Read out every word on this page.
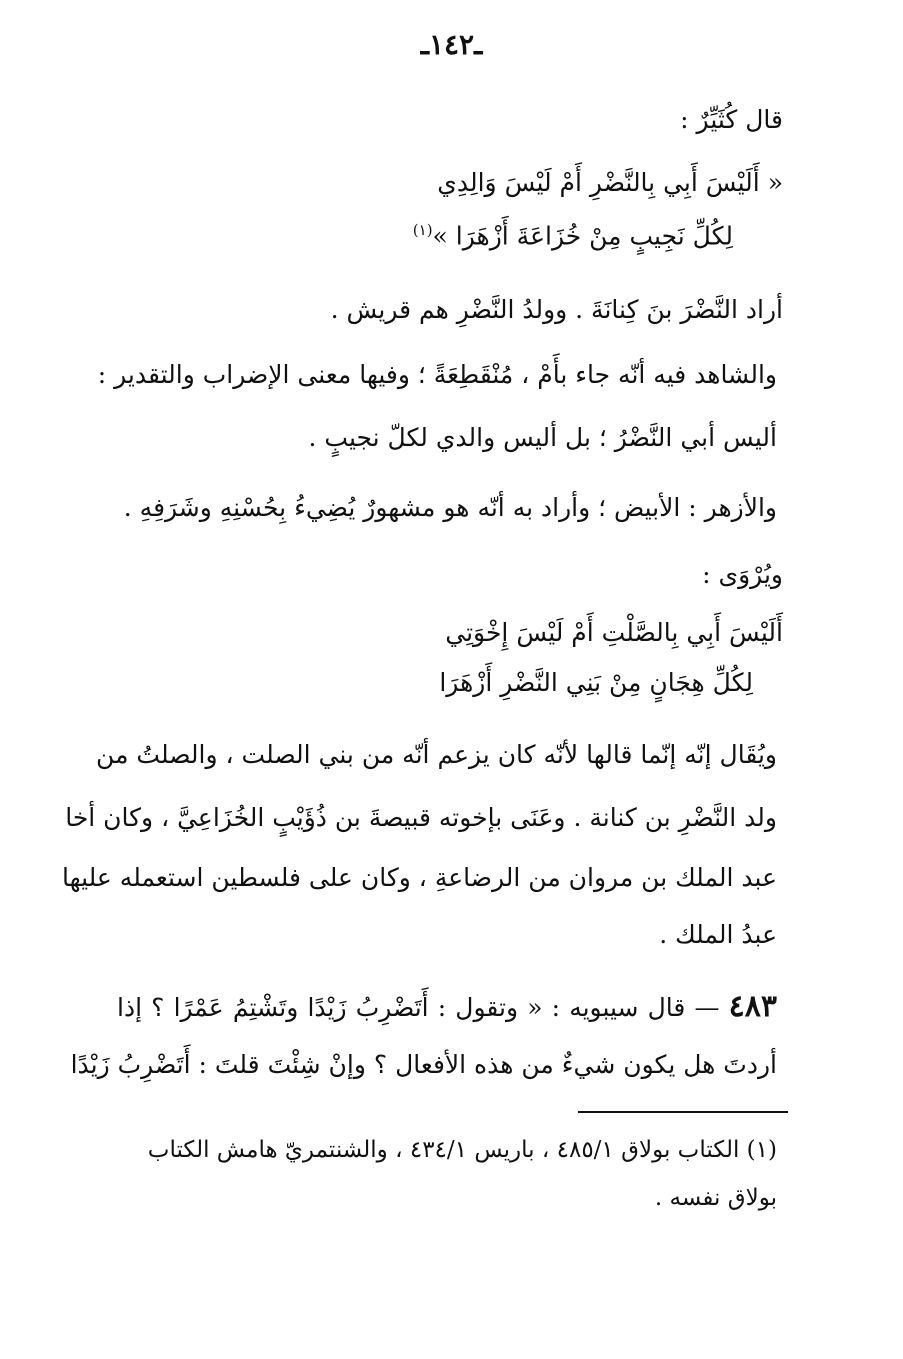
ـ١٤٢ـ
قال كُثَيِّرٌ :
« أَلَيْسَ أَبِي بِالنَّضْرِ أَمْ لَيْسَ وَالِدِي
لِكُلِّ نَجِيبٍ مِنْ خُزَاعَةَ أَزْهَرَا »$^{(١)}$
أراد النَّضْرَ بنَ كِنانَةَ . وولدُ النَّضْرِ هم قريش .
والشاهد فيه أنّه جاء بأَمْ ، مُنْقَطِعَةً ؛ وفيها معنى الإضراب والتقدير :
أليس أبي النَّضْرُ ؛ بل أليس والدي لكلّ نجيبٍ .
والأزهر : الأبيض ؛ وأراد به أنّه هو مشهورٌ يُضِيءُ بِحُسْنِهِ وشَرَفِهِ .
ويُرْوَى :
أَلَيْسَ أَبِي بِالصَّلْتِ أَمْ لَيْسَ إِخْوَتِي
لِكُلِّ هِجَانٍ مِنْ بَنِي النَّضْرِ أَزْهَرَا
ويُقَال إنّه إنّما قالها لأنّه كان يزعم أنّه من بني الصلت ، والصلتُ من
ولد النَّضْرِ بن كنانة . وعَنَى بإخوته قبيصةَ بن ذُؤَيْبٍ الخُزَاعِيَّ ، وكان أخا
عبد الملك بن مروان من الرضاعةِ ، وكان على فلسطين استعمله عليها
عبدُ الملك .
٤٨٣ — قال سيبويه : « وتقول : أَتَضْرِبُ زَيْدًا وتَشْتِمُ عَمْرًا ؟ إذا
أردتَ هل يكون شيءٌ من هذه الأفعال ؟ وإنْ شِئْتَ قلتَ : أَتَضْرِبُ زَيْدًا
(١) الكتاب بولاق ٤٨٥/١ ، باريس ٤٣٤/١ ، والشنتمريّ هامش الكتاب
بولاق نفسه .
